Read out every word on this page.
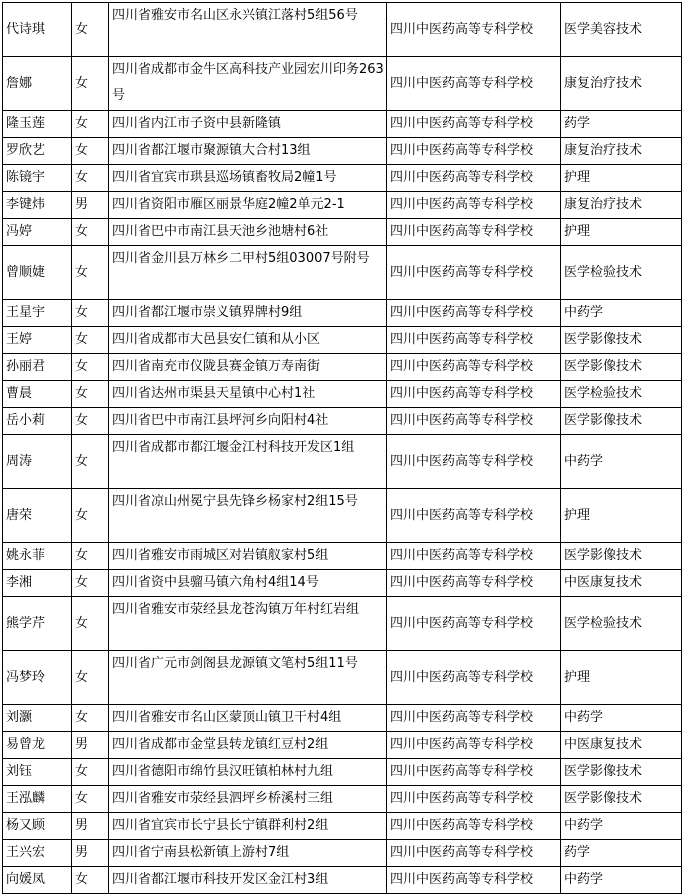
代诗琪	女	四川省雅安市名山区永兴镇江落村5组56号	四川中医药高等专科学校	医学美容技术
詹娜	女	四川省成都市金牛区高科技产业园宏川印务263号	四川中医药高等专科学校	康复治疗技术
隆玉莲	女	四川省内江市子资中县新隆镇	四川中医药高等专科学校	药学
罗欣艺	女	四川省都江堰市聚源镇大合村13组	四川中医药高等专科学校	康复治疗技术
陈镜宇	女	四川省宜宾市珙县巡场镇畜牧局2幢1号	四川中医药高等专科学校	护理
李键炜	男	四川省资阳市雁区丽景华庭2幢2单元2-1	四川中医药高等专科学校	康复治疗技术
冯婷	女	四川省巴中市南江县天池乡池塘村6社	四川中医药高等专科学校	护理
曾顺婕	女	四川省金川县万林乡二甲村5组03007号附号	四川中医药高等专科学校	医学检验技术
王星宇	女	四川省都江堰市崇义镇界牌村9组	四川中医药高等专科学校	中药学
王婷	女	四川省成都市大邑县安仁镇和从小区	四川中医药高等专科学校	医学影像技术
孙丽君	女	四川省南充市仪陇县赛金镇万寿南街	四川中医药高等专科学校	医学影像技术
曹晨	女	四川省达州市渠县天星镇中心村1社	四川中医药高等专科学校	医学检验技术
岳小莉	女	四川省巴中市南江县坪河乡向阳村4社	四川中医药高等专科学校	医学影像技术
周涛	女	四川省成都市都江堰金江村科技开发区1组	四川中医药高等专科学校	中药学
唐荣	女	四川省凉山州冕宁县先锋乡杨家村2组15号	四川中医药高等专科学校	护理
姚永菲	女	四川省雅安市雨城区对岩镇舣家村5组	四川中医药高等专科学校	医学影像技术
李湘	女	四川省资中县骝马镇六角村4组14号	四川中医药高等专科学校	中医康复技术
熊学芹	女	四川省雅安市荥经县龙苍沟镇万年村红岩组	四川中医药高等专科学校	医学检验技术
冯梦玲	女	四川省广元市剑阁县龙源镇文笔村5组11号	四川中医药高等专科学校	护理
刘灏	女	四川省雅安市名山区蒙顶山镇卫干村4组	四川中医药高等专科学校	中药学
易曾龙	男	四川省成都市金堂县转龙镇红豆村2组	四川中医药高等专科学校	中医康复技术
刘钰	女	四川省德阳市绵竹县汉旺镇柏林村九组	四川中医药高等专科学校	医学影像技术
王泓麟	女	四川省雅安市荥经县泗坪乡桥溪村三组	四川中医药高等专科学校	医学影像技术
杨又顾	男	四川省宜宾市长宁县长宁镇群利村2组	四川中医药高等专科学校	中药学
王兴宏	男	四川省宁南县松新镇上游村7组	四川中医药高等专科学校	药学
向媛凤	女	四川省都江堰市科技开发区金江村3组	四川中医药高等专科学校	中药学
